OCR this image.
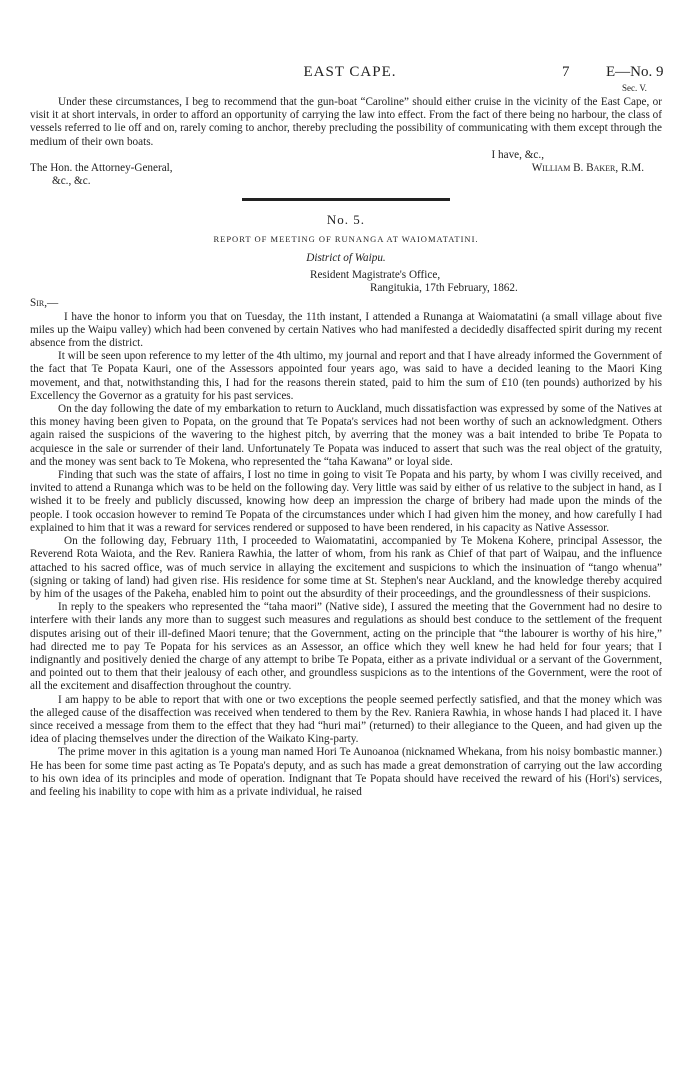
EAST CAPE.	7 E—No. 9
Sec. V.

Under these circumstances, I beg to recommend that the gun-boat “Caroline” should either cruise in the vicinity of the East Cape, or visit it at short intervals, in order to afford an opportunity of carrying the law into effect. From the fact of there being no harbour, the class of vessels referred to lie off and on, rarely coming to anchor, thereby precluding the possibility of communicating with them except through the medium of their own boats.

I have, &c.,
The Hon. the Attorney-General,	William B. Baker, R.M.
&c., &c.
No. 5.
REPORT OF MEETING OF RUNANGA AT WAIOMATATINI.
District of Waipu.
Resident Magistrate's Office,
Rangitukia, 17th February, 1862.
Sir,—

I have the honor to inform you that on Tuesday, the 11th instant, I attended a Runanga at Waiomatatini (a small village about five miles up the Waipu valley) which had been convened by certain Natives who had manifested a decidedly disaffected spirit during my recent absence from the district.

It will be seen upon reference to my letter of the 4th ultimo, my journal and report and that I have already informed the Government of the fact that Te Popata Kauri, one of the Assessors appointed four years ago, was said to have a decided leaning to the Maori King movement, and that, notwithstanding this, I had for the reasons therein stated, paid to him the sum of £10 (ten pounds) authorized by his Excellency the Governor as a gratuity for his past services.

On the day following the date of my embarkation to return to Auckland, much dissatisfaction was expressed by some of the Natives at this money having been given to Popata, on the ground that Te Popata's services had not been worthy of such an acknowledgment. Others again raised the suspicions of the wavering to the highest pitch, by averring that the money was a bait intended to bribe Te Popata to acquiesce in the sale or surrender of their land. Unfortunately Te Popata was induced to assert that such was the real object of the gratuity, and the money was sent back to Te Mokena, who represented the “taha Kawana” or loyal side.

Finding that such was the state of affairs, I lost no time in going to visit Te Popata and his party, by whom I was civilly received, and invited to attend a Runanga which was to be held on the following day. Very little was said by either of us relative to the subject in hand, as I wished it to be freely and publicly discussed, knowing how deep an impression the charge of bribery had made upon the minds of the people. I took occasion however to remind Te Popata of the circumstances under which I had given him the money, and how carefully I had explained to him that it was a reward for services rendered or supposed to have been rendered, in his capacity as Native Assessor.

On the following day, February 11th, I proceeded to Waiomatatini, accompanied by Te Mokena Kohere, principal Assessor, the Reverend Rota Waiota, and the Rev. Raniera Rawhia, the latter of whom, from his rank as Chief of that part of Waipau, and the influence attached to his sacred office, was of much service in allaying the excitement and suspicions to which the insinuation of “tango whenua” (signing or taking of land) had given rise. His residence for some time at St. Stephen's near Auckland, and the knowledge thereby acquired by him of the usages of the Pakeha, enabled him to point out the absurdity of their proceedings, and the groundlessness of their suspicions.

In reply to the speakers who represented the “taha maori” (Native side), I assured the meeting that the Government had no desire to interfere with their lands any more than to suggest such measures and regulations as should best conduce to the settlement of the frequent disputes arising out of their ill-defined Maori tenure; that the Government, acting on the principle that “the labourer is worthy of his hire,” had directed me to pay Te Popata for his services as an Assessor, an office which they well knew he had held for four years; that I indignantly and positively denied the charge of any attempt to bribe Te Popata, either as a private individual or a servant of the Government, and pointed out to them that their jealousy of each other, and groundless suspicions as to the intentions of the Government, were the root of all the excitement and disaffection throughout the country.

I am happy to be able to report that with one or two exceptions the people seemed perfectly satisfied, and that the money which was the alleged cause of the disaffection was received when tendered to them by the Rev. Raniera Rawhia, in whose hands I had placed it. I have since received a message from them to the effect that they had “huri mai” (returned) to their allegiance to the Queen, and had given up the idea of placing themselves under the direction of the Waikato King-party.

The prime mover in this agitation is a young man named Hori Te Aunoanoa (nicknamed Whekana, from his noisy bombastic manner.) He has been for some time past acting as Te Popata's deputy, and as such has made a great demonstration of carrying out the law according to his own idea of its principles and mode of operation. Indignant that Te Popata should have received the reward of his (Hori's) services, and feeling his inability to cope with him as a private individual, he raised
